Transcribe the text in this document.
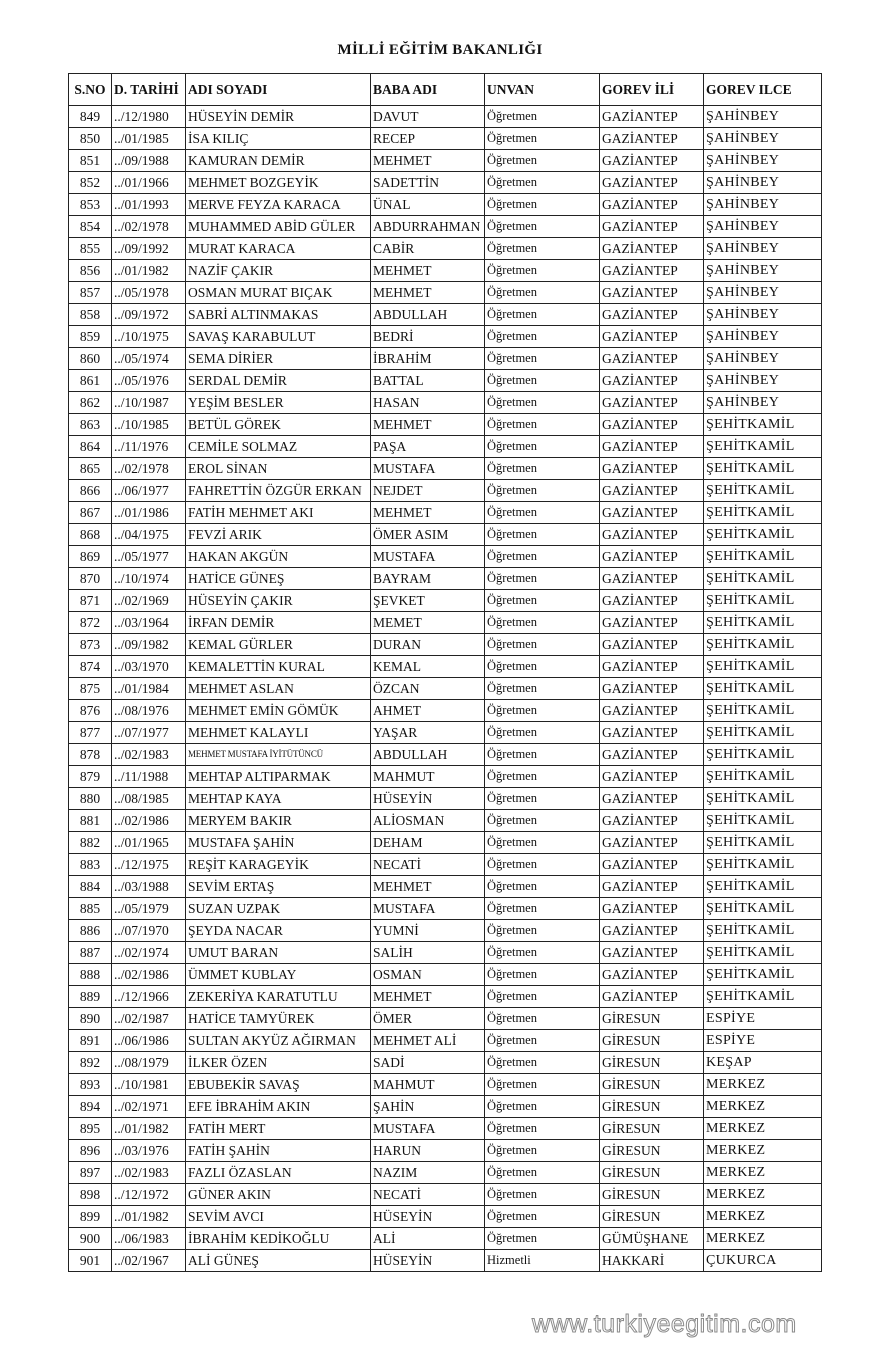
MİLLİ EĞİTİM BAKANLIĞI
S.NO	D. TARİHİ	ADI SOYADI	BABA ADI	UNVAN	GOREV İLİ	GOREV ILCE
849	../12/1980	HÜSEYİN DEMİR	DAVUT	Öğretmen	GAZİANTEP	ŞAHİNBEY
850	../01/1985	İSA KILIÇ	RECEP	Öğretmen	GAZİANTEP	ŞAHİNBEY
851	../09/1988	KAMURAN DEMİR	MEHMET	Öğretmen	GAZİANTEP	ŞAHİNBEY
852	../01/1966	MEHMET BOZGEYİK	SADETTİN	Öğretmen	GAZİANTEP	ŞAHİNBEY
853	../01/1993	MERVE FEYZA KARACA	ÜNAL	Öğretmen	GAZİANTEP	ŞAHİNBEY
854	../02/1978	MUHAMMED ABİD GÜLER	ABDURRAHMAN	Öğretmen	GAZİANTEP	ŞAHİNBEY
855	../09/1992	MURAT KARACA	CABİR	Öğretmen	GAZİANTEP	ŞAHİNBEY
856	../01/1982	NAZİF ÇAKIR	MEHMET	Öğretmen	GAZİANTEP	ŞAHİNBEY
857	../05/1978	OSMAN MURAT BIÇAK	MEHMET	Öğretmen	GAZİANTEP	ŞAHİNBEY
858	../09/1972	SABRİ ALTINMAKAS	ABDULLAH	Öğretmen	GAZİANTEP	ŞAHİNBEY
859	../10/1975	SAVAŞ KARABULUT	BEDRİ	Öğretmen	GAZİANTEP	ŞAHİNBEY
860	../05/1974	SEMA DİRİER	İBRAHİM	Öğretmen	GAZİANTEP	ŞAHİNBEY
861	../05/1976	SERDAL DEMİR	BATTAL	Öğretmen	GAZİANTEP	ŞAHİNBEY
862	../10/1987	YEŞİM BESLER	HASAN	Öğretmen	GAZİANTEP	ŞAHİNBEY
863	../10/1985	BETÜL GÖREK	MEHMET	Öğretmen	GAZİANTEP	ŞEHİTKAMİL
864	../11/1976	CEMİLE SOLMAZ	PAŞA	Öğretmen	GAZİANTEP	ŞEHİTKAMİL
865	../02/1978	EROL SİNAN	MUSTAFA	Öğretmen	GAZİANTEP	ŞEHİTKAMİL
866	../06/1977	FAHRETTİN ÖZGÜR ERKAN	NEJDET	Öğretmen	GAZİANTEP	ŞEHİTKAMİL
867	../01/1986	FATİH MEHMET AKI	MEHMET	Öğretmen	GAZİANTEP	ŞEHİTKAMİL
868	../04/1975	FEVZİ ARIK	ÖMER ASIM	Öğretmen	GAZİANTEP	ŞEHİTKAMİL
869	../05/1977	HAKAN AKGÜN	MUSTAFA	Öğretmen	GAZİANTEP	ŞEHİTKAMİL
870	../10/1974	HATİCE GÜNEŞ	BAYRAM	Öğretmen	GAZİANTEP	ŞEHİTKAMİL
871	../02/1969	HÜSEYİN ÇAKIR	ŞEVKET	Öğretmen	GAZİANTEP	ŞEHİTKAMİL
872	../03/1964	İRFAN DEMİR	MEMET	Öğretmen	GAZİANTEP	ŞEHİTKAMİL
873	../09/1982	KEMAL GÜRLER	DURAN	Öğretmen	GAZİANTEP	ŞEHİTKAMİL
874	../03/1970	KEMALETTİN KURAL	KEMAL	Öğretmen	GAZİANTEP	ŞEHİTKAMİL
875	../01/1984	MEHMET ASLAN	ÖZCAN	Öğretmen	GAZİANTEP	ŞEHİTKAMİL
876	../08/1976	MEHMET EMİN GÖMÜK	AHMET	Öğretmen	GAZİANTEP	ŞEHİTKAMİL
877	../07/1977	MEHMET KALAYLI	YAŞAR	Öğretmen	GAZİANTEP	ŞEHİTKAMİL
878	../02/1983	MEHMET MUSTAFA İYİTÜTÜNCÜ	ABDULLAH	Öğretmen	GAZİANTEP	ŞEHİTKAMİL
879	../11/1988	MEHTAP ALTIPARMAK	MAHMUT	Öğretmen	GAZİANTEP	ŞEHİTKAMİL
880	../08/1985	MEHTAP KAYA	HÜSEYİN	Öğretmen	GAZİANTEP	ŞEHİTKAMİL
881	../02/1986	MERYEM BAKIR	ALİOSMAN	Öğretmen	GAZİANTEP	ŞEHİTKAMİL
882	../01/1965	MUSTAFA ŞAHİN	DEHAM	Öğretmen	GAZİANTEP	ŞEHİTKAMİL
883	../12/1975	REŞİT KARAGEYİK	NECATİ	Öğretmen	GAZİANTEP	ŞEHİTKAMİL
884	../03/1988	SEVİM ERTAŞ	MEHMET	Öğretmen	GAZİANTEP	ŞEHİTKAMİL
885	../05/1979	SUZAN UZPAK	MUSTAFA	Öğretmen	GAZİANTEP	ŞEHİTKAMİL
886	../07/1970	ŞEYDA NACAR	YUMNİ	Öğretmen	GAZİANTEP	ŞEHİTKAMİL
887	../02/1974	UMUT BARAN	SALİH	Öğretmen	GAZİANTEP	ŞEHİTKAMİL
888	../02/1986	ÜMMET KUBLAY	OSMAN	Öğretmen	GAZİANTEP	ŞEHİTKAMİL
889	../12/1966	ZEKERİYA KARATUTLU	MEHMET	Öğretmen	GAZİANTEP	ŞEHİTKAMİL
890	../02/1987	HATİCE TAMYÜREK	ÖMER	Öğretmen	GİRESUN	ESPİYE
891	../06/1986	SULTAN AKYÜZ AĞIRMAN	MEHMET ALİ	Öğretmen	GİRESUN	ESPİYE
892	../08/1979	İLKER ÖZEN	SADİ	Öğretmen	GİRESUN	KEŞAP
893	../10/1981	EBUBEKİR SAVAŞ	MAHMUT	Öğretmen	GİRESUN	MERKEZ
894	../02/1971	EFE İBRAHİM AKIN	ŞAHİN	Öğretmen	GİRESUN	MERKEZ
895	../01/1982	FATİH MERT	MUSTAFA	Öğretmen	GİRESUN	MERKEZ
896	../03/1976	FATİH ŞAHİN	HARUN	Öğretmen	GİRESUN	MERKEZ
897	../02/1983	FAZLI ÖZASLAN	NAZIM	Öğretmen	GİRESUN	MERKEZ
898	../12/1972	GÜNER AKIN	NECATİ	Öğretmen	GİRESUN	MERKEZ
899	../01/1982	SEVİM AVCI	HÜSEYİN	Öğretmen	GİRESUN	MERKEZ
900	../06/1983	İBRAHİM KEDİKOĞLU	ALİ	Öğretmen	GÜMÜŞHANE	MERKEZ
901	../02/1967	ALİ GÜNEŞ	HÜSEYİN	Hizmetli	HAKKARİ	ÇUKURCA
www.turkiyeegitim.com
